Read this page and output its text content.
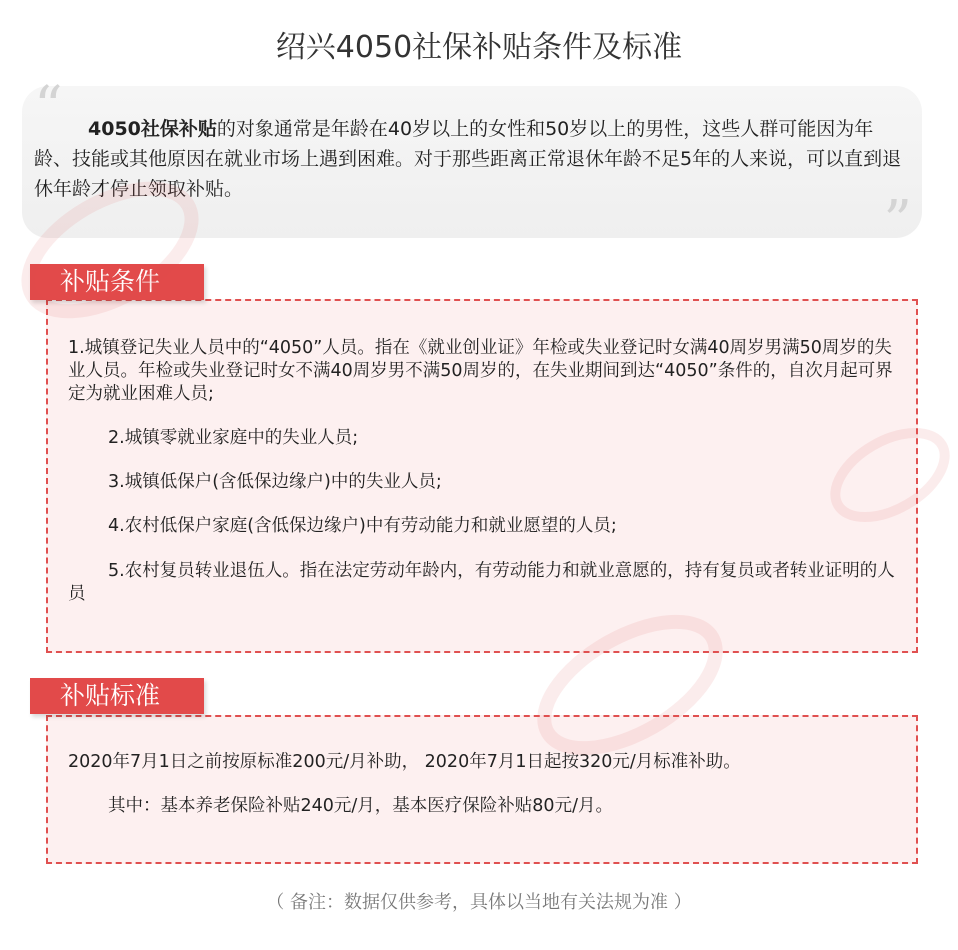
绍兴4050社保补贴条件及标准
“	4050社保补贴的对象通常是年龄在40岁以上的女性和50岁以上的男性，这些人群可能因为年龄、技能或其他原因在就业市场上遇到困难。对于那些距离正常退休年龄不足5年的人来说，可以直到退休年龄才停止领取补贴。	”
1.城镇登记失业人员中的“4050”人员。指在《就业创业证》年检或失业登记时女满40周岁男满50周岁的失业人员。年检或失业登记时女不满40周岁男不满50周岁的，在失业期间到达“4050”条件的，自次月起可界定为就业困难人员;
2.城镇零就业家庭中的失业人员;
3.城镇低保户(含低保边缘户)中的失业人员;
4.农村低保户家庭(含低保边缘户)中有劳动能力和就业愿望的人员;
5.农村复员转业退伍人。指在法定劳动年龄内，有劳动能力和就业意愿的，持有复员或者转业证明的人员
补贴条件
2020年7月1日之前按原标准200元/月补助， 2020年7月1日起按320元/月标准补助。
其中：基本养老保险补贴240元/月，基本医疗保险补贴80元/月。
补贴标准
（ 备注：数据仅供参考，具体以当地有关法规为准 ）
